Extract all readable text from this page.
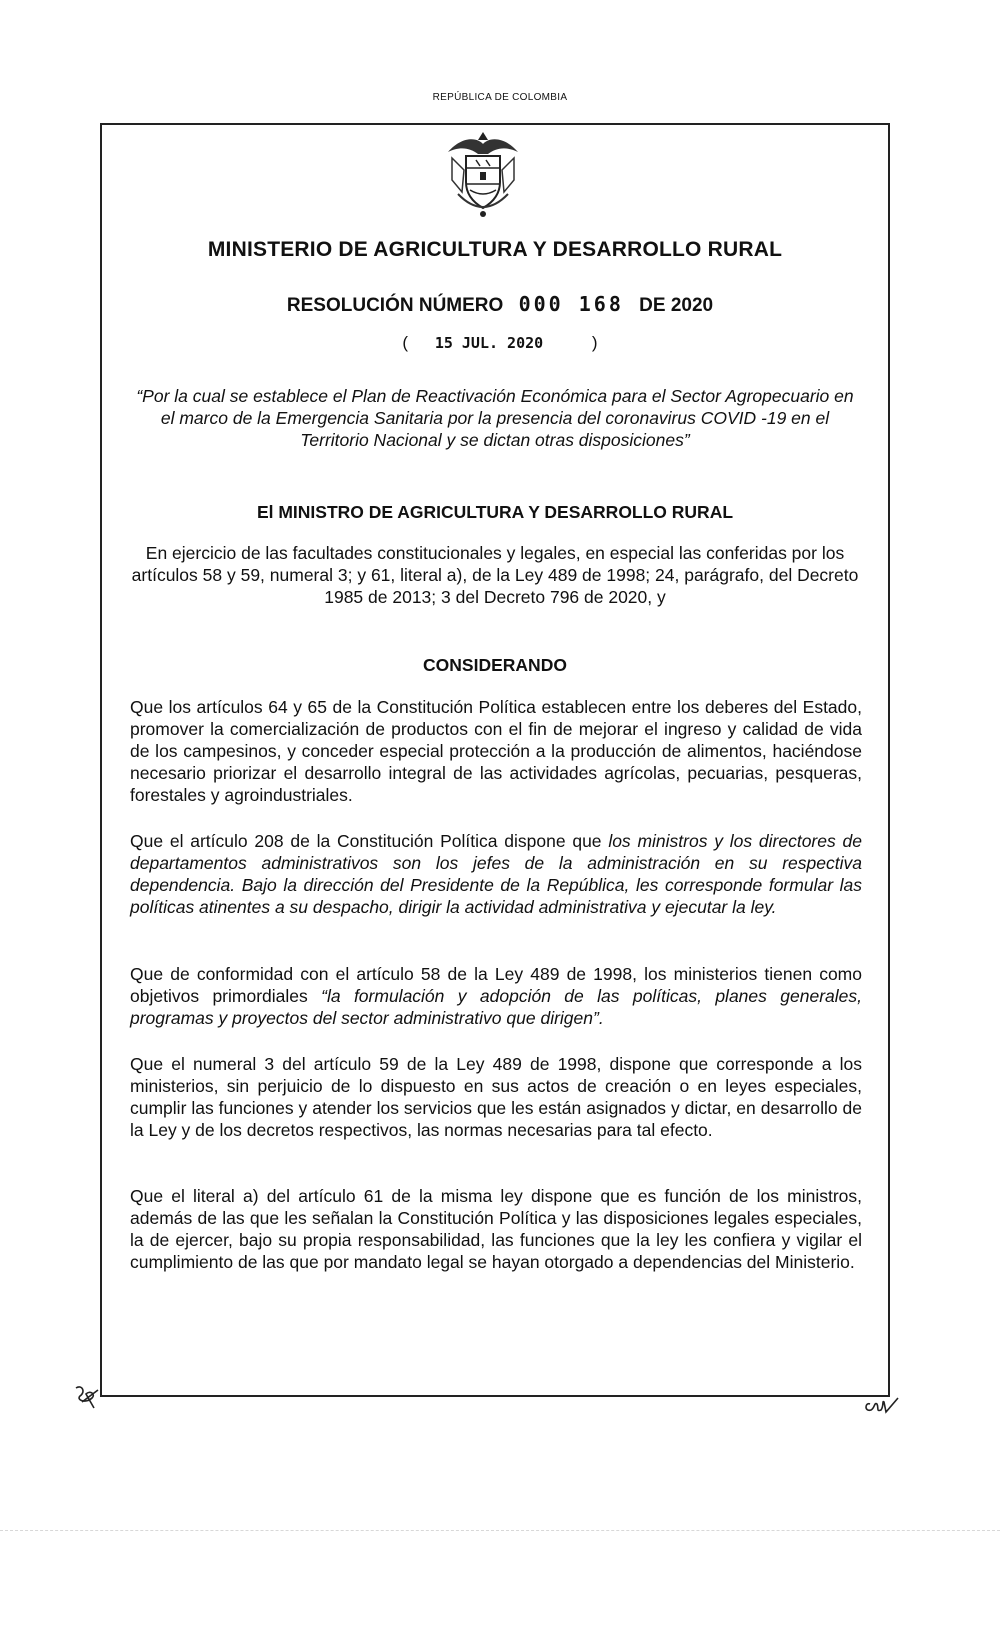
REPÚBLICA DE COLOMBIA
MINISTERIO DE AGRICULTURA Y DESARROLLO RURAL
RESOLUCIÓN NÚMERO 000 168 DE 2020
( 15 JUL. 2020	)
“Por la cual se establece el Plan de Reactivación Económica para el Sector Agropecuario en el marco de la Emergencia Sanitaria por la presencia del coronavirus COVID -19 en el Territorio Nacional y se dictan otras disposiciones”
El MINISTRO DE AGRICULTURA Y DESARROLLO RURAL
En ejercicio de las facultades constitucionales y legales, en especial las conferidas por los artículos 58 y 59, numeral 3; y 61, literal a), de la Ley 489 de 1998; 24, parágrafo, del Decreto 1985 de 2013; 3 del Decreto 796 de 2020, y
CONSIDERANDO
Que los artículos 64 y 65 de la Constitución Política establecen entre los deberes del Estado, promover la comercialización de productos con el fin de mejorar el ingreso y calidad de vida de los campesinos, y conceder especial protección a la producción de alimentos, haciéndose necesario priorizar el desarrollo integral de las actividades agrícolas, pecuarias, pesqueras, forestales y agroindustriales.
Que el artículo 208 de la Constitución Política dispone que los ministros y los directores de departamentos administrativos son los jefes de la administración en su respectiva dependencia. Bajo la dirección del Presidente de la República, les corresponde formular las políticas atinentes a su despacho, dirigir la actividad administrativa y ejecutar la ley.
Que de conformidad con el artículo 58 de la Ley 489 de 1998, los ministerios tienen como objetivos primordiales “la formulación y adopción de las políticas, planes generales, programas y proyectos del sector administrativo que dirigen”.
Que el numeral 3 del artículo 59 de la Ley 489 de 1998, dispone que corresponde a los ministerios, sin perjuicio de lo dispuesto en sus actos de creación o en leyes especiales, cumplir las funciones y atender los servicios que les están asignados y dictar, en desarrollo de la Ley y de los decretos respectivos, las normas necesarias para tal efecto.
Que el literal a) del artículo 61 de la misma ley dispone que es función de los ministros, además de las que les señalan la Constitución Política y las disposiciones legales especiales, la de ejercer, bajo su propia responsabilidad, las funciones que la ley les confiera y vigilar el cumplimiento de las que por mandato legal se hayan otorgado a dependencias del Ministerio.
